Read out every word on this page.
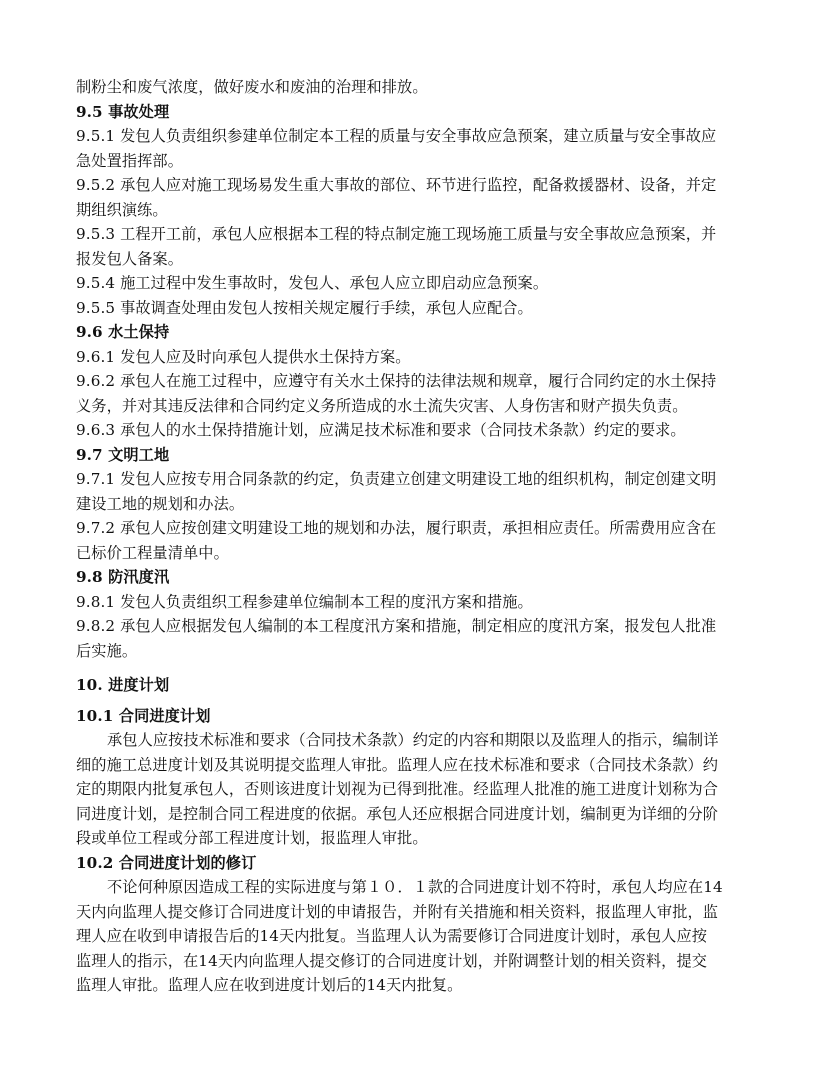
制粉尘和废气浓度，做好废水和废油的治理和排放。
9.5 事故处理
9.5.1 发包人负责组织参建单位制定本工程的质量与安全事故应急预案，建立质量与安全事故应
急处置指挥部。
9.5.2 承包人应对施工现场易发生重大事故的部位、环节进行监控，配备救援器材、设备，并定
期组织演练。
9.5.3 工程开工前，承包人应根据本工程的特点制定施工现场施工质量与安全事故应急预案，并
报发包人备案。
9.5.4 施工过程中发生事故时，发包人、承包人应立即启动应急预案。
9.5.5 事故调查处理由发包人按相关规定履行手续，承包人应配合。
9.6 水土保持
9.6.1 发包人应及时向承包人提供水土保持方案。
9.6.2 承包人在施工过程中，应遵守有关水土保持的法律法规和规章，履行合同约定的水土保持
义务，并对其违反法律和合同约定义务所造成的水土流失灾害、人身伤害和财产损失负责。
9.6.3 承包人的水土保持措施计划，应满足技术标准和要求（合同技术条款）约定的要求。
9.7 文明工地
9.7.1 发包人应按专用合同条款的约定，负责建立创建文明建设工地的组织机构，制定创建文明
建设工地的规划和办法。
9.7.2 承包人应按创建文明建设工地的规划和办法，履行职责，承担相应责任。所需费用应含在
已标价工程量清单中。
9.8 防汛度汛
9.8.1 发包人负责组织工程参建单位编制本工程的度汛方案和措施。
9.8.2 承包人应根据发包人编制的本工程度汛方案和措施，制定相应的度汛方案，报发包人批准
后实施。
10. 进度计划
10.1 合同进度计划
承包人应按技术标准和要求（合同技术条款）约定的内容和期限以及监理人的指示，编制详
细的施工总进度计划及其说明提交监理人审批。监理人应在技术标准和要求（合同技术条款）约
定的期限内批复承包人，否则该进度计划视为已得到批准。经监理人批准的施工进度计划称为合
同进度计划，是控制合同工程进度的依据。承包人还应根据合同进度计划，编制更为详细的分阶
段或单位工程或分部工程进度计划，报监理人审批。
10.2 合同进度计划的修订
不论何种原因造成工程的实际进度与第１０．１款的合同进度计划不符时，承包人均应在14
天内向监理人提交修订合同进度计划的申请报告，并附有关措施和相关资料，报监理人审批，监
理人应在收到申请报告后的14天内批复。当监理人认为需要修订合同进度计划时，承包人应按
监理人的指示，在14天内向监理人提交修订的合同进度计划，并附调整计划的相关资料，提交
监理人审批。监理人应在收到进度计划后的14天内批复。
